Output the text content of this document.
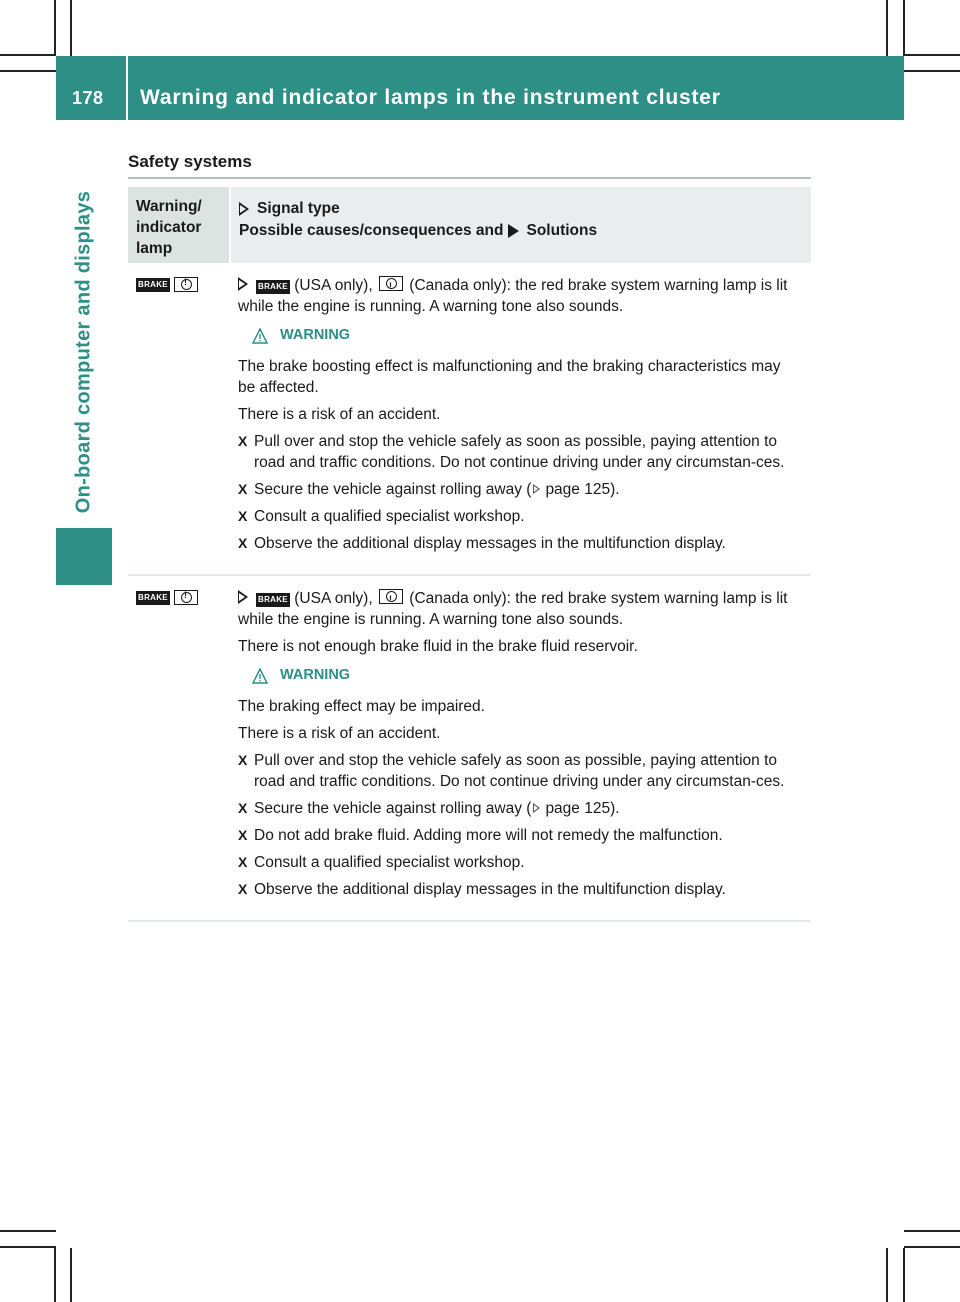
178 Warning and indicator lamps in the instrument cluster
On-board computer and displays
Safety systems
Warning/ indicator lamp
Signal type
Possible causes/consequences and Solutions
BRAKE !	BRAKE (USA only), ! (Canada only): the red brake system warning lamp is lit while the engine is running. A warning tone also sounds.

WARNING

The brake boosting effect is malfunctioning and the braking characteristics may be affected.

There is a risk of an accident.

X Pull over and stop the vehicle safely as soon as possible, paying attention to road and traffic conditions. Do not continue driving under any circumstan-ces.
X Secure the vehicle against rolling away ( page 125).
X Consult a qualified specialist workshop.
X Observe the additional display messages in the multifunction display.
BRAKE !	BRAKE (USA only), ! (Canada only): the red brake system warning lamp is lit while the engine is running. A warning tone also sounds.

There is not enough brake fluid in the brake fluid reservoir.

WARNING

The braking effect may be impaired.

There is a risk of an accident.

X Pull over and stop the vehicle safely as soon as possible, paying attention to road and traffic conditions. Do not continue driving under any circumstan-ces.
X Secure the vehicle against rolling away ( page 125).
X Do not add brake fluid. Adding more will not remedy the malfunction.
X Consult a qualified specialist workshop.
X Observe the additional display messages in the multifunction display.
